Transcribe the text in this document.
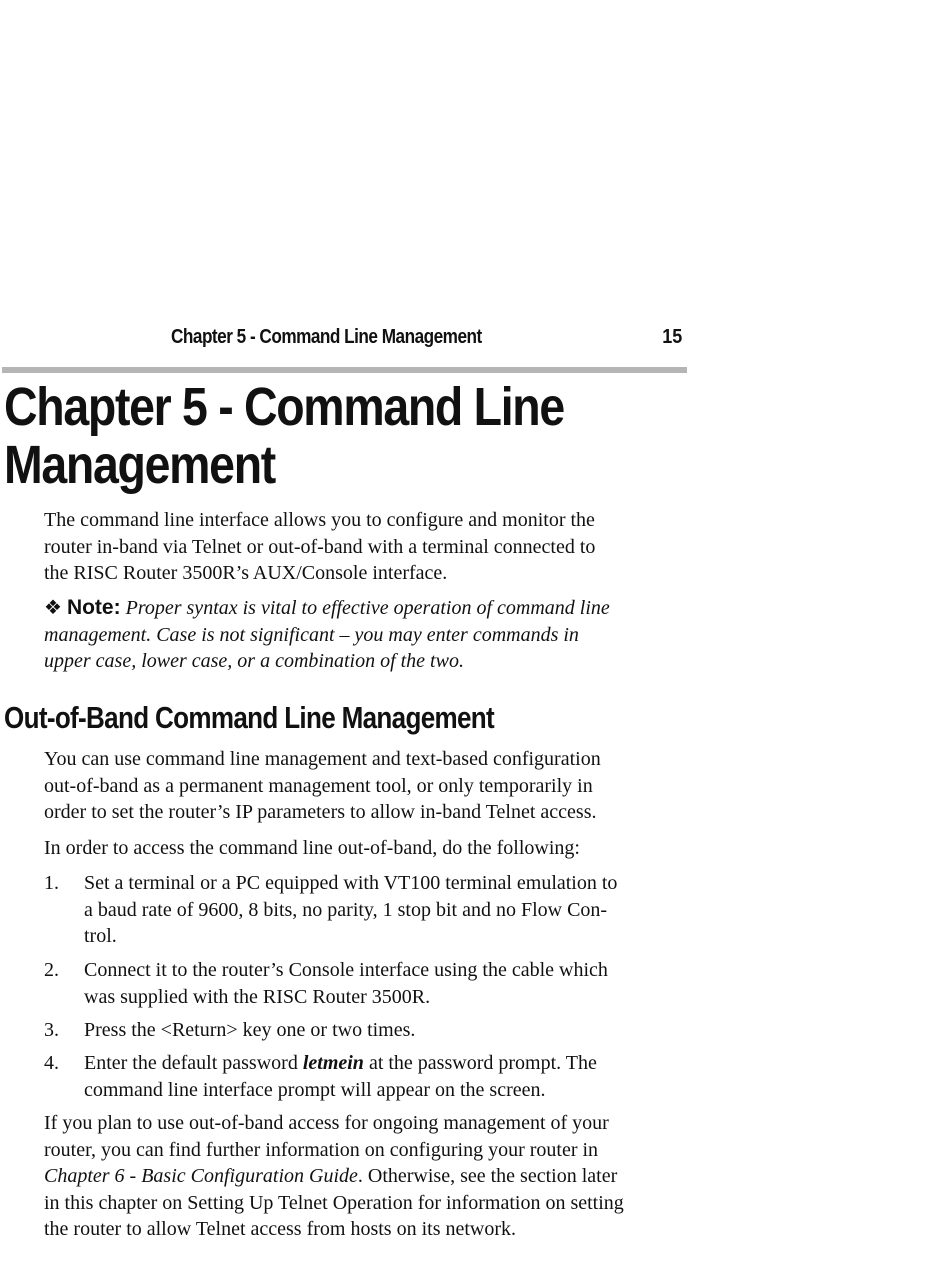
Chapter 5 - Command Line Management	15
Chapter 5 - Command Line
Management

The command line interface allows you to configure and monitor the
router in-band via Telnet or out-of-band with a terminal connected to
the RISC Router 3500R’s AUX/Console interface.

❖ Note: Proper syntax is vital to effective operation of command line
management. Case is not significant – you may enter commands in
upper case, lower case, or a combination of the two.

Out-of-Band Command Line Management

You can use command line management and text-based configuration
out-of-band as a permanent management tool, or only temporarily in
order to set the router’s IP parameters to allow in-band Telnet access.

In order to access the command line out-of-band, do the following:

1. Set a terminal or a PC equipped with VT100 terminal emulation to
a baud rate of 9600, 8 bits, no parity, 1 stop bit and no Flow Con-
trol.
2. Connect it to the router’s Console interface using the cable which
was supplied with the RISC Router 3500R.
3. Press the <Return> key one or two times.
4. Enter the default password letmein at the password prompt. The
command line interface prompt will appear on the screen.

If you plan to use out-of-band access for ongoing management of your
router, you can find further information on configuring your router in
Chapter 6 - Basic Configuration Guide. Otherwise, see the section later
in this chapter on Setting Up Telnet Operation for information on setting
the router to allow Telnet access from hosts on its network.
